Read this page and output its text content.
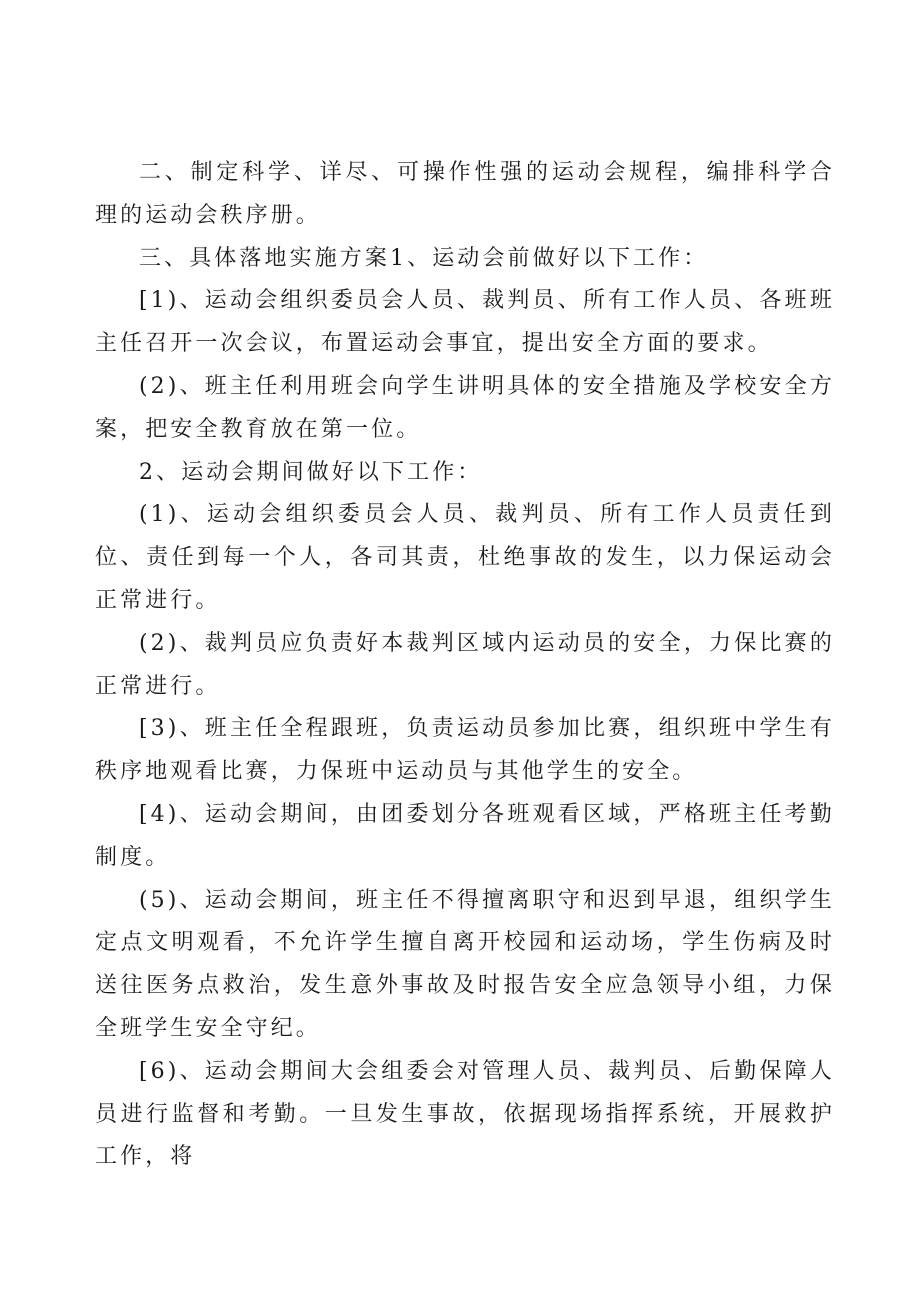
二、制定科学、详尽、可操作性强的运动会规程，编排科学合理的运动会秩序册。

三、具体落地实施方案1、运动会前做好以下工作：

[1)、运动会组织委员会人员、裁判员、所有工作人员、各班班主任召开一次会议，布置运动会事宜，提出安全方面的要求。

(2)、班主任利用班会向学生讲明具体的安全措施及学校安全方案，把安全教育放在第一位。

2、运动会期间做好以下工作：

(1)、运动会组织委员会人员、裁判员、所有工作人员责任到位、责任到每一个人，各司其责，杜绝事故的发生，以力保运动会正常进行。

(2)、裁判员应负责好本裁判区域内运动员的安全，力保比赛的正常进行。

[3)、班主任全程跟班，负责运动员参加比赛，组织班中学生有秩序地观看比赛，力保班中运动员与其他学生的安全。

[4)、运动会期间，由团委划分各班观看区域，严格班主任考勤制度。

(5)、运动会期间，班主任不得擅离职守和迟到早退，组织学生定点文明观看，不允许学生擅自离开校园和运动场，学生伤病及时送往医务点救治，发生意外事故及时报告安全应急领导小组，力保全班学生安全守纪。

[6)、运动会期间大会组委会对管理人员、裁判员、后勤保障人员进行监督和考勤。一旦发生事故，依据现场指挥系统，开展救护工作，将
